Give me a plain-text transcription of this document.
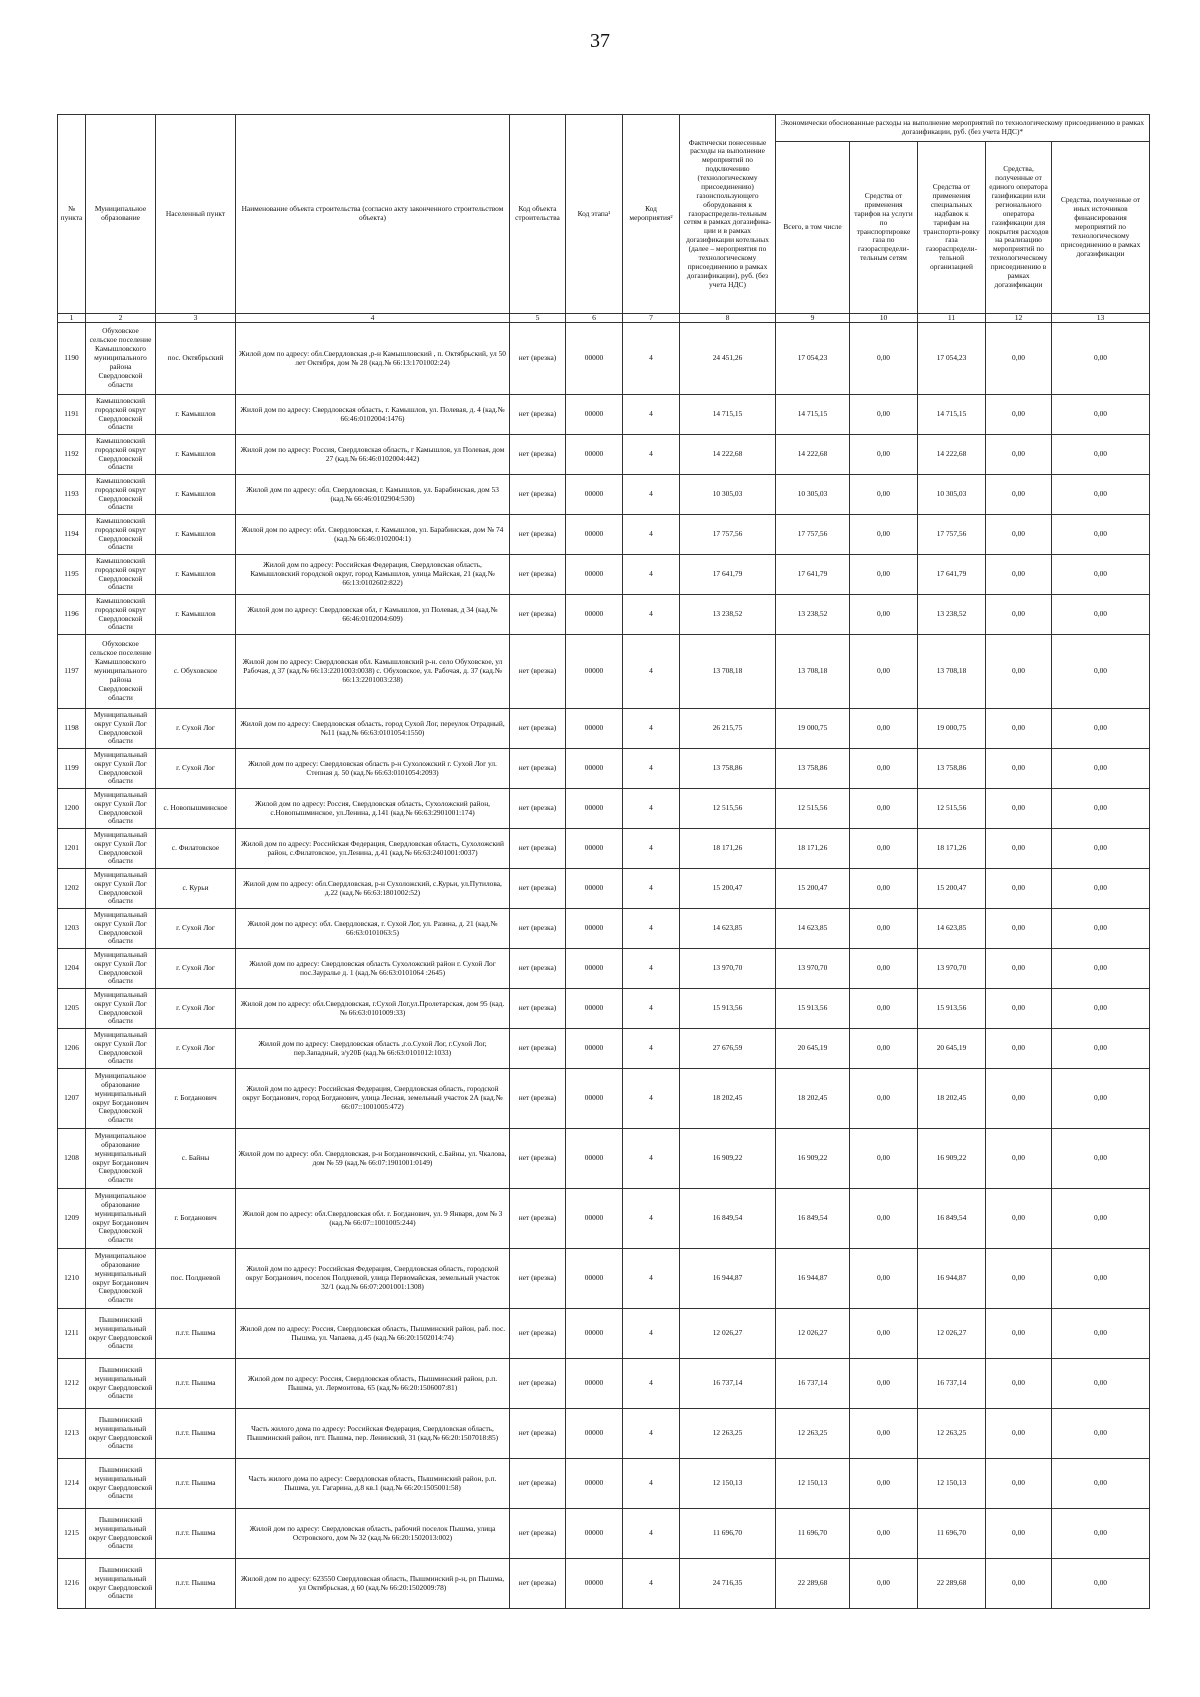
37
№ пункта	Муниципальное образование	Населенный пункт	Наименование объекта строительства (согласно акту законченного строительством объекта)	Код объекта строительства	Код этапа¹	Код мероприятия²	Фактически понесенные расходы на выполнение мероприятий по подключению (технологическому присоединению) газоиспользующего оборудования к газораспредели-тельным сетям в рамках догазифика-ции и в рамках догазификации котельных (далее – мероприятия по технологическому присоединению в рамках догазификации), руб. (без учета НДС)	Экономически обоснованные расходы на выполнение мероприятий по технологическому присоединению в рамках догазификации, руб. (без учета НДС)*				
								Всего, в том числе	Средства от применения тарифов на услуги по транспортировке газа по газораспредели-тельным сетям	Средства от применения специальных надбавок к тарифам на транспорти-ровку газа газораспредели-тельной организацией	Средства, полученные от единого оператора газификации или регионального оператора газификации для покрытия расходов на реализацию мероприятий по технологическому присоединению в рамках догазификации	Средства, полученные от иных источников финансирования мероприятий по технологическому присоединению в рамках догазификации
1	2	3	4	5	6	7	8	9	10	11	12	13
1190	Обуховское сельское поселение Камышловского муниципального района Свердловской области	пос. Октябрьский	Жилой дом по адресу: обл.Свердловская ,р-н Камышловский , п. Октябрьский, ул 50 лет Октября, дом № 28 (кад.№ 66:13:1701002:24)	нет (врезка)	00000	4	24 451,26	17 054,23	0,00	17 054,23	0,00	0,00
1191	Камышловский городской округ Свердловской области	г. Камышлов	Жилой дом по адресу: Свердловская область, г. Камышлов, ул. Полевая, д. 4 (кад.№ 66:46:0102004:1476)	нет (врезка)	00000	4	14 715,15	14 715,15	0,00	14 715,15	0,00	0,00
1192	Камышловский городской округ Свердловской области	г. Камышлов	Жилой дом по адресу: Россия, Свердловская область, г Камышлов, ул Полевая, дом 27 (кад.№ 66:46:0102004:442)	нет (врезка)	00000	4	14 222,68	14 222,68	0,00	14 222,68	0,00	0,00
1193	Камышловский городской округ Свердловской области	г. Камышлов	Жилой дом по адресу: обл. Свердловская, г. Камышлов, ул. Барабинская, дом 53 (кад.№ 66:46:0102904:530)	нет (врезка)	00000	4	10 305,03	10 305,03	0,00	10 305,03	0,00	0,00
1194	Камышловский городской округ Свердловской области	г. Камышлов	Жилой дом по адресу: обл. Свердловская, г. Камышлов, ул. Барабинская, дом № 74 (кад.№ 66:46:0102004:1)	нет (врезка)	00000	4	17 757,56	17 757,56	0,00	17 757,56	0,00	0,00
1195	Камышловский городской округ Свердловской области	г. Камышлов	Жилой дом по адресу: Российская Федерация, Свердловская область, Камышловский городской округ, город Камышлов, улица Майская, 21 (кад.№ 66:13:0102602:822)	нет (врезка)	00000	4	17 641,79	17 641,79	0,00	17 641,79	0,00	0,00
1196	Камышловский городской округ Свердловской области	г. Камышлов	Жилой дом по адресу: Свердловская обл, г Камышлов, ул Полевая, д 34 (кад.№ 66:46:0102004:609)	нет (врезка)	00000	4	13 238,52	13 238,52	0,00	13 238,52	0,00	0,00
1197	Обуховское сельское поселение Камышловского муниципального района Свердловской области	с. Обуховское	Жилой дом по адресу: Свердловская обл. Камышловский р-н. село Обуховское, ул Рабочая, д 37 (кад.№ 66:13:2201003:0038) с. Обуховское, ул. Рабочая, д. 37 (кад.№ 66:13:2201003:238)	нет (врезка)	00000	4	13 708,18	13 708,18	0,00	13 708,18	0,00	0,00
1198	Муниципальный округ Сухой Лог Свердловской области	г. Сухой Лог	Жилой дом по адресу: Свердловская область, город Сухой Лог, переулок Отрадный, №11 (кад.№ 66:63:0101054:1550)	нет (врезка)	00000	4	26 215,75	19 000,75	0,00	19 000,75	0,00	0,00
1199	Муниципальный округ Сухой Лог Свердловской области	г. Сухой Лог	Жилой дом по адресу: Свердловская область р-н Сухоложский г. Сухой Лог ул. Степная д. 50 (кад.№ 66:63:0101054:2093)	нет (врезка)	00000	4	13 758,86	13 758,86	0,00	13 758,86	0,00	0,00
1200	Муниципальный округ Сухой Лог Свердловской области	с. Новопышминское	Жилой дом по адресу: Россия, Свердловская область, Сухоложский район, с.Новопышминское, ул.Ленина, д.141 (кад.№ 66:63:2901001:174)	нет (врезка)	00000	4	12 515,56	12 515,56	0,00	12 515,56	0,00	0,00
1201	Муниципальный округ Сухой Лог Свердловской области	с. Филатовское	Жилой дом по адресу: Российская Федерация, Свердловская область, Сухоложский район, с.Филатовское, ул.Ленина, д.41 (кад.№ 66:63:2401001:0037)	нет (врезка)	00000	4	18 171,26	18 171,26	0,00	18 171,26	0,00	0,00
1202	Муниципальный округ Сухой Лог Свердловской области	с. Курьи	Жилой дом по адресу: обл.Свердловская, р-н Сухоложский, с.Курьи, ул.Путилова, д.22 (кад.№ 66:63:1801002:52)	нет (врезка)	00000	4	15 200,47	15 200,47	0,00	15 200,47	0,00	0,00
1203	Муниципальный округ Сухой Лог Свердловской области	г. Сухой Лог	Жилой дом по адресу: обл. Свердловская, г. Сухой Лог, ул. Разина, д. 21 (кад.№ 66:63:0101063:5)	нет (врезка)	00000	4	14 623,85	14 623,85	0,00	14 623,85	0,00	0,00
1204	Муниципальный округ Сухой Лог Свердловской области	г. Сухой Лог	Жилой дом по адресу: Свердловская область Сухоложский район г. Сухой Лог пос.Зауралье д. 1 (кад.№ 66:63:0101064 :2645)	нет (врезка)	00000	4	13 970,70	13 970,70	0,00	13 970,70	0,00	0,00
1205	Муниципальный округ Сухой Лог Свердловской области	г. Сухой Лог	Жилой дом по адресу: обл.Свердловская, г.Сухой Лог,ул.Пролетарская, дом 95 (кад.№ 66:63:0101009:33)	нет (врезка)	00000	4	15 913,56	15 913,56	0,00	15 913,56	0,00	0,00
1206	Муниципальный округ Сухой Лог Свердловской области	г. Сухой Лог	Жилой дом по адресу: Свердловская область ,г.о.Сухой Лог, г.Сухой Лог, пер.Западный, з/у20Б (кад.№ 66:63:0101012:1033)	нет (врезка)	00000	4	27 676,59	20 645,19	0,00	20 645,19	0,00	0,00
1207	Муниципальное образование муниципальный округ Богданович Свердловской области	г. Богданович	Жилой дом по адресу: Российская Федерация, Свердловская область, городской округ Богданович, город Богданович, улица Лесная, земельный участок 2А (кад.№ 66:07::1001005:472)	нет (врезка)	00000	4	18 202,45	18 202,45	0,00	18 202,45	0,00	0,00
1208	Муниципальное образование муниципальный округ Богданович Свердловской области	с. Байны	Жилой дом по адресу: обл. Свердловская, р-н Богдановичский, с.Байны, ул. Чкалова, дом № 59 (кад.№ 66:07:1901001:0149)	нет (врезка)	00000	4	16 909,22	16 909,22	0,00	16 909,22	0,00	0,00
1209	Муниципальное образование муниципальный округ Богданович Свердловской области	г. Богданович	Жилой дом по адресу: обл.Свердловская обл. г. Богданович, ул. 9 Января, дом № 3 (кад.№ 66:07::1001005:244)	нет (врезка)	00000	4	16 849,54	16 849,54	0,00	16 849,54	0,00	0,00
1210	Муниципальное образование муниципальный округ Богданович Свердловской области	пос. Полдневой	Жилой дом по адресу: Российская Федерация, Свердловская область, городской округ Богданович, поселок Полдневой, улица Первомайская, земельный участок 32/1 (кад.№ 66:07:2001001:1308)	нет (врезка)	00000	4	16 944,87	16 944,87	0,00	16 944,87	0,00	0,00
1211	Пышминский муниципальный округ Свердловской области	п.г.т. Пышма	Жилой дом по адресу: Россия, Свердловская область, Пышминский район, раб. пос. Пышма, ул. Чапаева, д.45 (кад.№ 66:20:1502014:74)	нет (врезка)	00000	4	12 026,27	12 026,27	0,00	12 026,27	0,00	0,00
1212	Пышминский муниципальный округ Свердловской области	п.г.т. Пышма	Жилой дом по адресу: Россия, Свердловская область, Пышминский район, р.п. Пышма, ул. Лермонтова, 65 (кад.№ 66:20:1506007:81)	нет (врезка)	00000	4	16 737,14	16 737,14	0,00	16 737,14	0,00	0,00
1213	Пышминский муниципальный округ Свердловской области	п.г.т. Пышма	Часть жилого дома по адресу: Российская Федерация, Свердловская область, Пышминский район, пгт. Пышма, пер. Ленинский, 31 (кад.№ 66:20:1507018:85)	нет (врезка)	00000	4	12 263,25	12 263,25	0,00	12 263,25	0,00	0,00
1214	Пышминский муниципальный округ Свердловской области	п.г.т. Пышма	Часть жилого дома по адресу: Свердловская область, Пышминский район, р.п. Пышма, ул. Гагарина, д.8 кв.1 (кад.№ 66:20:1505001:58)	нет (врезка)	00000	4	12 150,13	12 150,13	0,00	12 150,13	0,00	0,00
1215	Пышминский муниципальный округ Свердловской области	п.г.т. Пышма	Жилой дом по адресу: Свердловская область, рабочий поселок Пышма, улица Островского, дом № 32 (кад.№ 66:20:1502013:002)	нет (врезка)	00000	4	11 696,70	11 696,70	0,00	11 696,70	0,00	0,00
1216	Пышминский муниципальный округ Свердловской области	п.г.т. Пышма	Жилой дом по адресу: 623550 Свердловская область, Пышминский р-н, рп Пышма, ул Октябрьская, д 60 (кад.№ 66:20:1502009:78)	нет (врезка)	00000	4	24 716,35	22 289,68	0,00	22 289,68	0,00	0,00
